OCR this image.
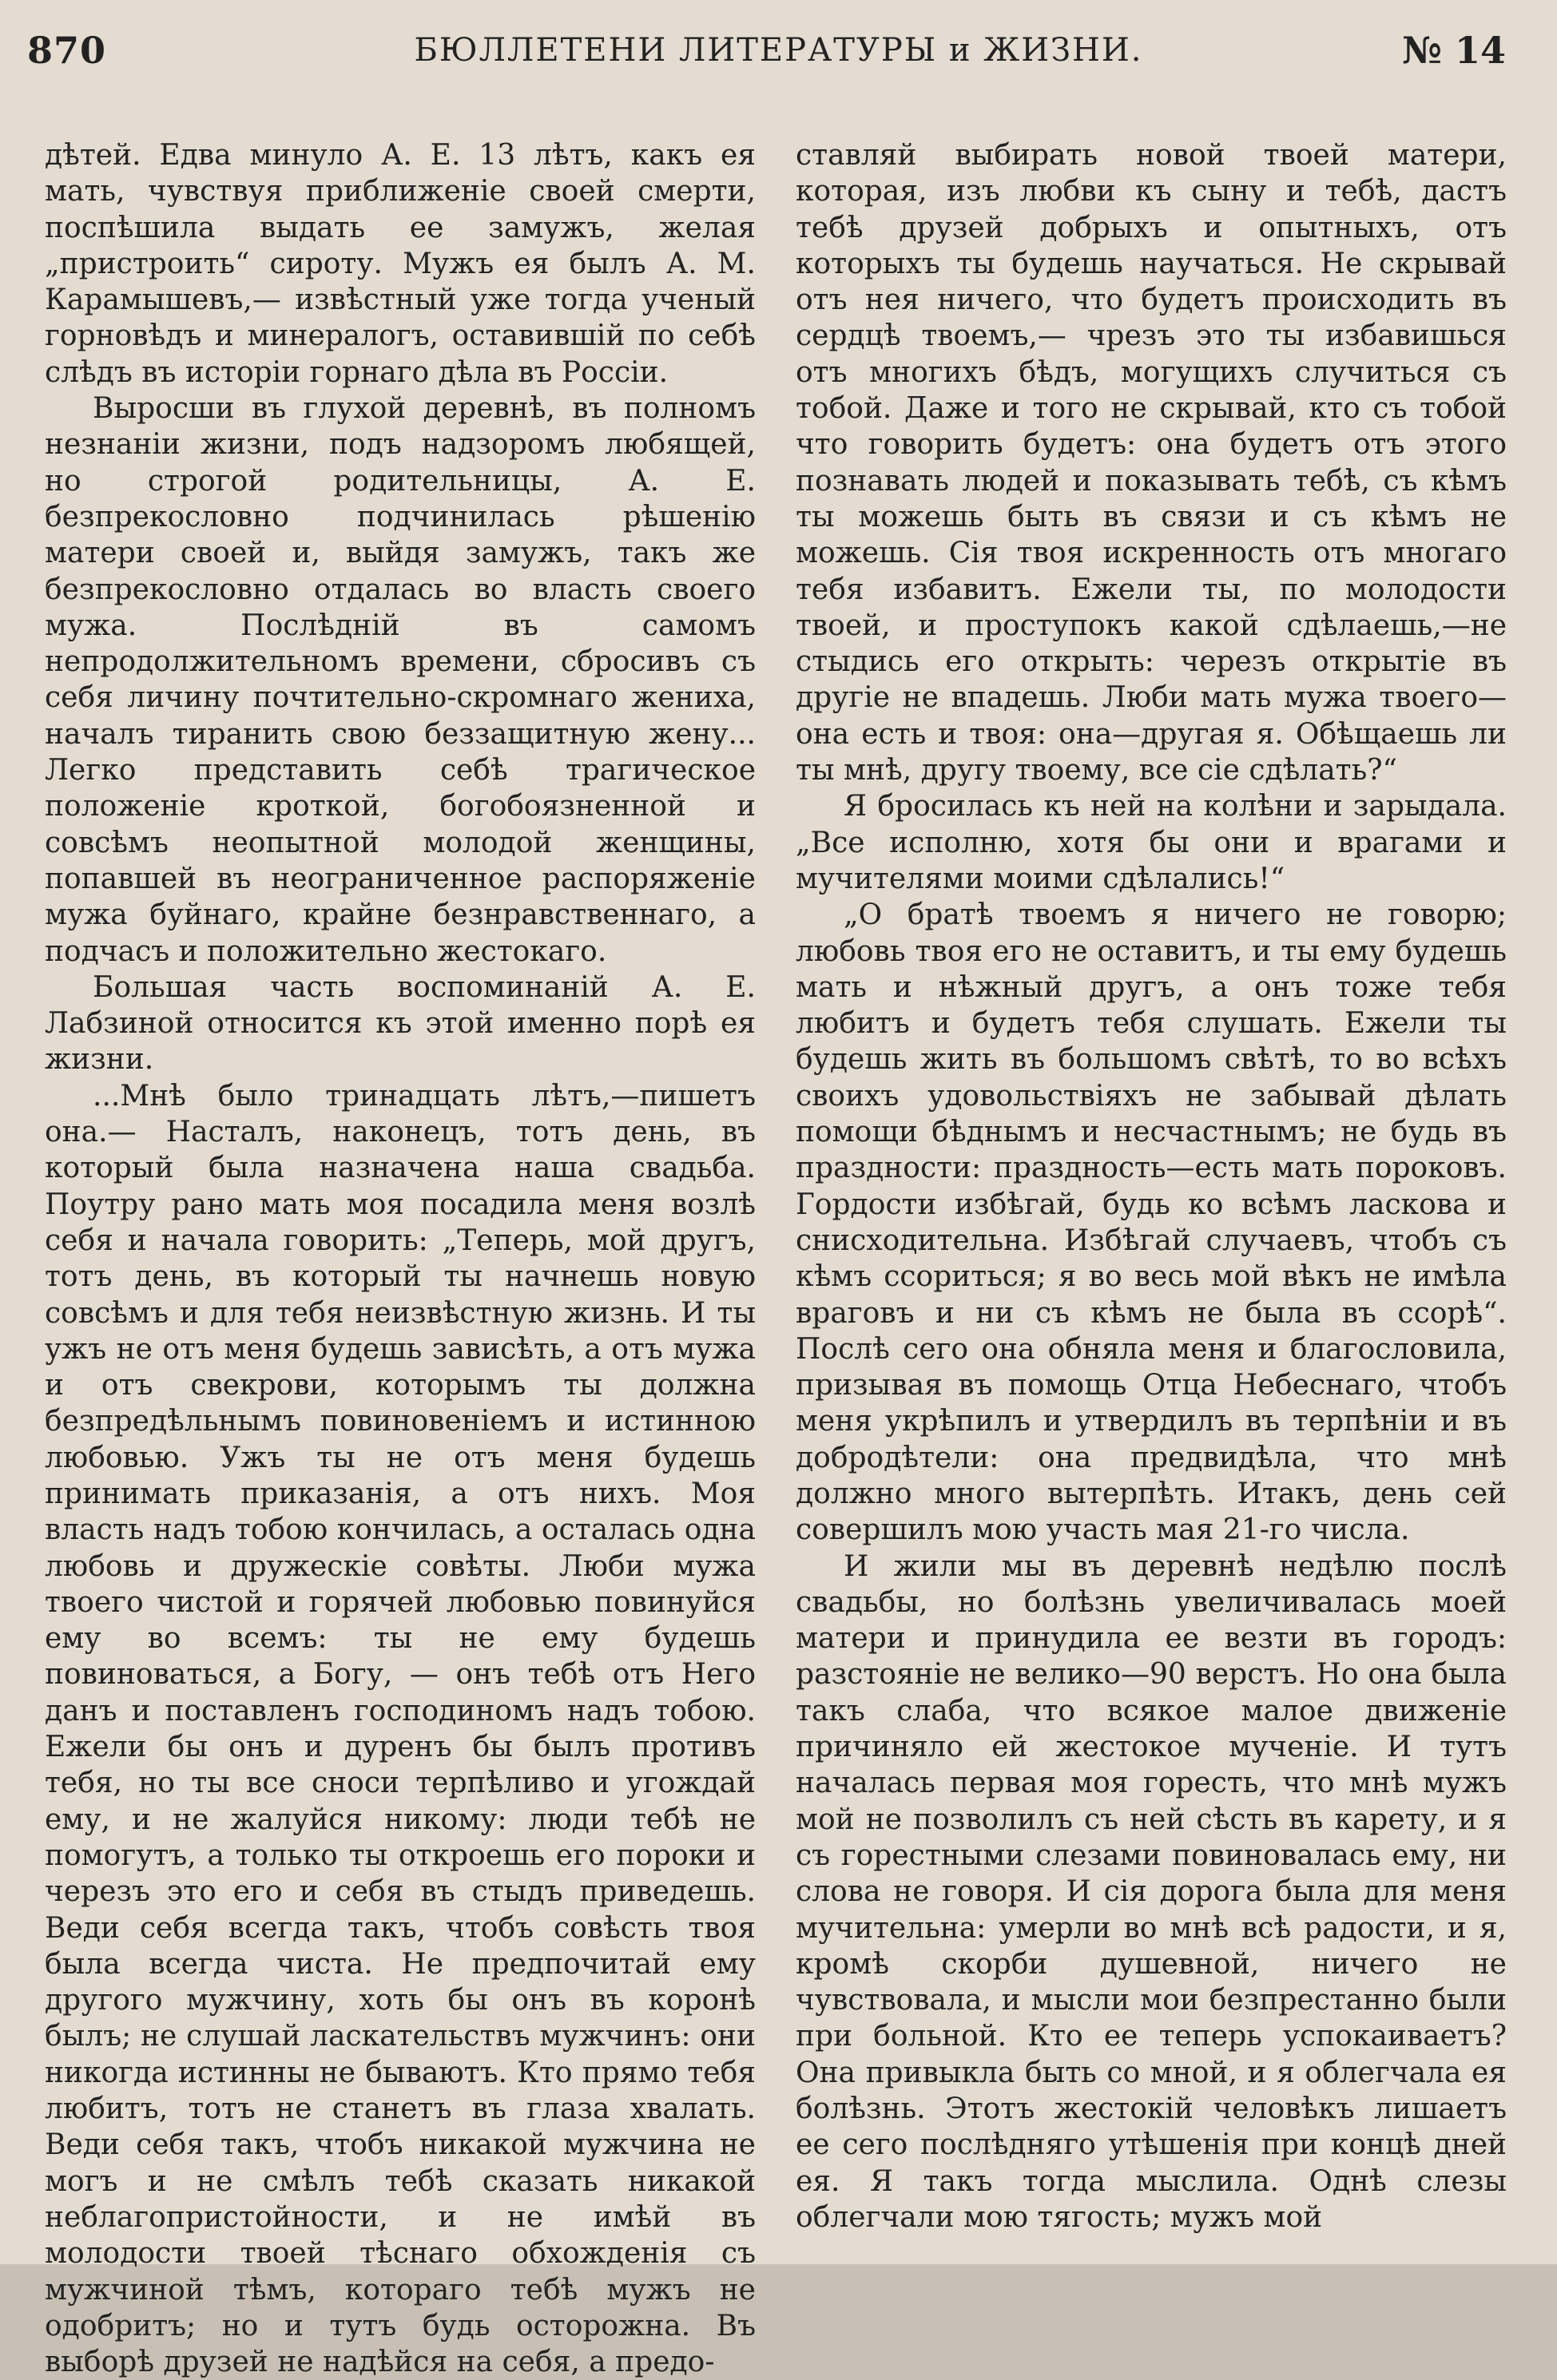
870	БЮЛЛЕТЕНИ ЛИТЕРАТУРЫ и ЖИЗНИ.	№ 14

дѣтей. Едва минуло А. Е. 13 лѣтъ, какъ ея мать, чувствуя приближеніе своей смерти, поспѣшила выдать ее замужъ, желая „пристроить“ сироту. Мужъ ея былъ А. М. Карамышевъ,— извѣстный уже тогда ученый горновѣдъ и минералогъ, оставившій по себѣ слѣдъ въ исторіи горнаго дѣла въ Россіи.

Выросши въ глухой деревнѣ, въ полномъ незнаніи жизни, подъ надзоромъ любящей, но строгой родительницы, А. Е. безпрекословно подчинилась рѣшенію матери своей и, выйдя замужъ, такъ же безпрекословно отдалась во власть своего мужа. Послѣдній въ самомъ непродолжительномъ времени, сбросивъ съ себя личину почтительно-скромнаго жениха, началъ тиранить свою беззащитную жену... Легко представить себѣ трагическое положеніе кроткой, богобоязненной и совсѣмъ неопытной молодой женщины, попавшей въ неограниченное распоряженіе мужа буйнаго, крайне безнравственнаго, а подчасъ и положительно жестокаго.

Большая часть воспоминаній А. Е. Лабзиной относится къ этой именно порѣ ея жизни.

...Мнѣ было тринадцать лѣтъ,—пишетъ она.— Насталъ, наконецъ, тотъ день, въ который была назначена наша свадьба. Поутру рано мать моя посадила меня возлѣ себя и начала говорить: „Теперь, мой другъ, тотъ день, въ который ты начнешь новую совсѣмъ и для тебя неизвѣстную жизнь. И ты ужъ не отъ меня будешь зависѣть, а отъ мужа и отъ свекрови, которымъ ты должна безпредѣльнымъ повиновеніемъ и истинною любовью. Ужъ ты не отъ меня будешь принимать приказанія, а отъ нихъ. Моя власть надъ тобою кончилась, а осталась одна любовь и дружескіе совѣты. Люби мужа твоего чистой и горячей любовью повинуйся ему во всемъ: ты не ему будешь повиноваться, а Богу, — онъ тебѣ отъ Него данъ и поставленъ господиномъ надъ тобою. Ежели бы онъ и дуренъ бы былъ противъ тебя, но ты все сноси терпѣливо и угождай ему, и не жалуйся никому: люди тебѣ не помогутъ, а только ты откроешь его пороки и черезъ это его и себя въ стыдъ приведешь. Веди себя всегда такъ, чтобъ совѣсть твоя была всегда чиста. Не предпочитай ему другого мужчину, хоть бы онъ въ коронѣ былъ; не слушай ласкательствъ мужчинъ: они никогда истинны не бываютъ. Кто прямо тебя любитъ, тотъ не станетъ въ глаза хвалать. Веди себя такъ, чтобъ никакой мужчина не могъ и не смѣлъ тебѣ сказать никакой неблагопристойности, и не имѣй въ молодости твоей тѣснаго обхожденія съ мужчиной тѣмъ, котораго тебѣ мужъ не одобритъ; но и тутъ будь осторожна. Въ выборѣ друзей не надѣйся на себя, а предо-

ставляй выбирать новой твоей матери, которая, изъ любви къ сыну и тебѣ, дастъ тебѣ друзей добрыхъ и опытныхъ, отъ которыхъ ты будешь научаться. Не скрывай отъ нея ничего, что будетъ происходить въ сердцѣ твоемъ,— чрезъ это ты избавишься отъ многихъ бѣдъ, могущихъ случиться съ тобой. Даже и того не скрывай, кто съ тобой что говорить будетъ: она будетъ отъ этого познавать людей и показывать тебѣ, съ кѣмъ ты можешь быть въ связи и съ кѣмъ не можешь. Сія твоя искренность отъ многаго тебя избавитъ. Ежели ты, по молодости твоей, и проступокъ какой сдѣлаешь,—не стыдись его открыть: черезъ открытіе въ другіе не впадешь. Люби мать мужа твоего—она есть и твоя: она—другая я. Обѣщаешь ли ты мнѣ, другу твоему, все сіе сдѣлать?“

Я бросилась къ ней на колѣни и зарыдала. „Все исполню, хотя бы они и врагами и мучителями моими сдѣлались!“

„О братѣ твоемъ я ничего не говорю; любовь твоя его не оставитъ, и ты ему будешь мать и нѣжный другъ, а онъ тоже тебя любитъ и будетъ тебя слушать. Ежели ты будешь жить въ большомъ свѣтѣ, то во всѣхъ своихъ удовольствіяхъ не забывай дѣлать помощи бѣднымъ и несчастнымъ; не будь въ праздности: праздность—есть мать пороковъ. Гордости избѣгай, будь ко всѣмъ ласкова и снисходительна. Избѣгай случаевъ, чтобъ съ кѣмъ ссориться; я во весь мой вѣкъ не имѣла враговъ и ни съ кѣмъ не была въ ссорѣ“. Послѣ сего она обняла меня и благословила, призывая въ помощь Отца Небеснаго, чтобъ меня укрѣпилъ и утвердилъ въ терпѣніи и въ добродѣтели: она предвидѣла, что мнѣ должно много вытерпѣть. Итакъ, день сей совершилъ мою участь мая 21-го числа.

И жили мы въ деревнѣ недѣлю послѣ свадьбы, но болѣзнь увеличивалась моей матери и принудила ее везти въ городъ: разстояніе не велико—90 верстъ. Но она была такъ слаба, что всякое малое движеніе причиняло ей жестокое мученіе. И тутъ началась первая моя горесть, что мнѣ мужъ мой не позволилъ съ ней сѣсть въ карету, и я съ горестными слезами повиновалась ему, ни слова не говоря. И сія дорога была для меня мучительна: умерли во мнѣ всѣ радости, и я, кромѣ скорби душевной, ничего не чувствовала, и мысли мои безпрестанно были при больной. Кто ее теперь успокаиваетъ? Она привыкла быть со мной, и я облегчала ея болѣзнь. Этотъ жестокій человѣкъ лишаетъ ее сего послѣдняго утѣшенія при концѣ дней ея. Я такъ тогда мыслила. Однѣ слезы облегчали мою тягость; мужъ мой
